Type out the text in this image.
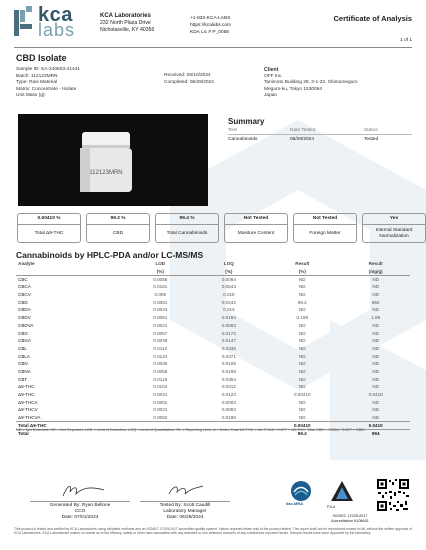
kca
labs
KCA Laboratories
232 North Plaza Drive
Nicholasville, KY 40356
+1-833-KCA-LABS
https://kcalabs.com
KDA Lic # P_0058
Certificate of Analysis
1 of 1
CBD Isolate
Sample ID: SA-240603-41441
Batch: 112123MRN
Type: Raw Material
Matrix: Concentrate - Isolate
Unit Mass (g):
Received: 06/10/2024
Completed: 06/28/2024
Client
OFF Inc.
Tanimoto Building 28, 3-1-22, Shimomeguro
Meguro-ku, Tokyo 1530064
Japan
112123MRN
Summary
Test	Date Tested	Status
Cannabinoids	06/28/2024	Tested
0.00410 %
Total Δ9-THC
99.2 %
CBD
99.4 %
Total Cannabinoids
Not Tested
Moisture Content
Not Tested
Foreign Matter
Yes
Internal Standard Normalization
Cannabinoids by HPLC-PDA and/or LC-MS/MS
Analyte	LOD	LOQ	Result	Result
	(%)	(%)	(%)	(mg/g)
CBC	0.0055	0.0084	ND	ND
CBCA	0.0181	0.0543	ND	ND
CBCV	0.006	0.018	ND	ND
CBD	0.0081	0.0242	99.2	992
CBDA	0.0043	0.013	ND	ND
CBDV	0.0061	0.0184	0.189	1.89
CBDVA	0.0021	0.0063	ND	ND
CBG	0.0057	0.0172	ND	ND
CBGA	0.0049	0.0147	ND	ND
CBL	0.0112	0.0336	ND	ND
CBLA	0.0124	0.0371	ND	ND
CBN	0.0036	0.0109	ND	ND
CBNA	0.0056	0.0169	ND	ND
CBT	0.0118	0.0354	ND	ND
Δ8-THC	0.0104	0.0312	ND	ND
Δ9-THC	0.0041	0.0123	0.00410	0.0410
Δ9-THCA	0.0001	0.0003	ND	ND
Δ9-THCV	0.0021	0.0063	ND	ND
Δ9-THCVA	0.0062	0.0186	ND	ND
Total Δ9-THC			0.00410	0.0410
Total			99.4	994
ND = Not Detected; NR = Not Reported; LOD = Limit of Detection; LOQ = Limit of Quantitation; RL = Reporting Limit; Δ = Delta; Total Δ9-THC = Δ9-THCA * 0.877 + Δ9-THC; Total CBD = CBDA * 0.877 + CBD.
Generated By: Ryan Bellone
CCO
Date: 07/01/2024
Tested By: Scott Caudill
Laboratory Manager
Date: 06/28/2024
ilac-MRA
PJLA
ISO/IEC 17025:2017
Accreditation #108651
This product is tested and verified by KCA Laboratories using validated methods and an ISO/IEC 17025:2017 accredited quality system. Values reported relate only to the product tested. This report shall not be reproduced except in full, without the written approval of KCA Laboratories. KCA Laboratories makes no claims as to the efficacy, safety or other risks associated with any detected or non-detected amounts of any substances reported herein. Sample results have been approved by the laboratory.
